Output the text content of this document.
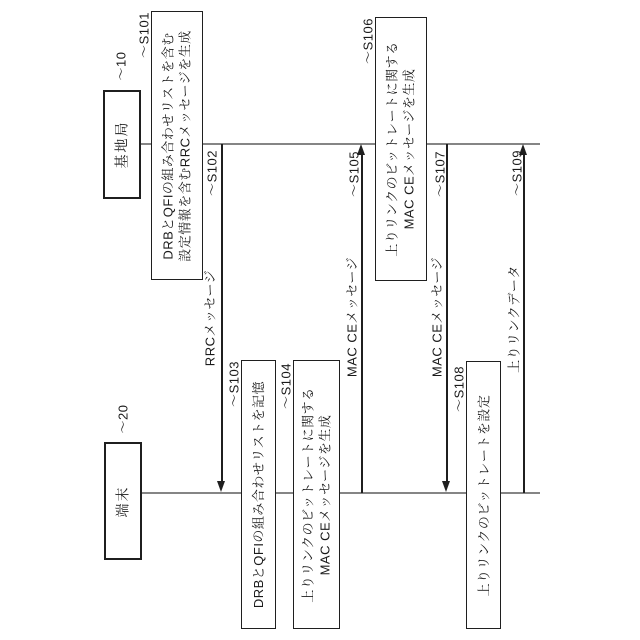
基地局
〜10
端末
〜20
DRBとQFIの組み合わせリストを含む 設定情報を含むRRCメッセージを生成
〜S101
上りリンクのビットレートに関する MAC CEメッセージを生成
〜S106
DRBとQFIの組み合わせリストを記憶
〜S103
上りリンクのビットレートに関する MAC CEメッセージを生成
〜S104
上りリンクのビットレートを設定
〜S108
〜S102	〜S105	〜S107	〜S109
RRCメッセージ	MAC CEメッセージ	MAC CEメッセージ	上りリンクデータ
